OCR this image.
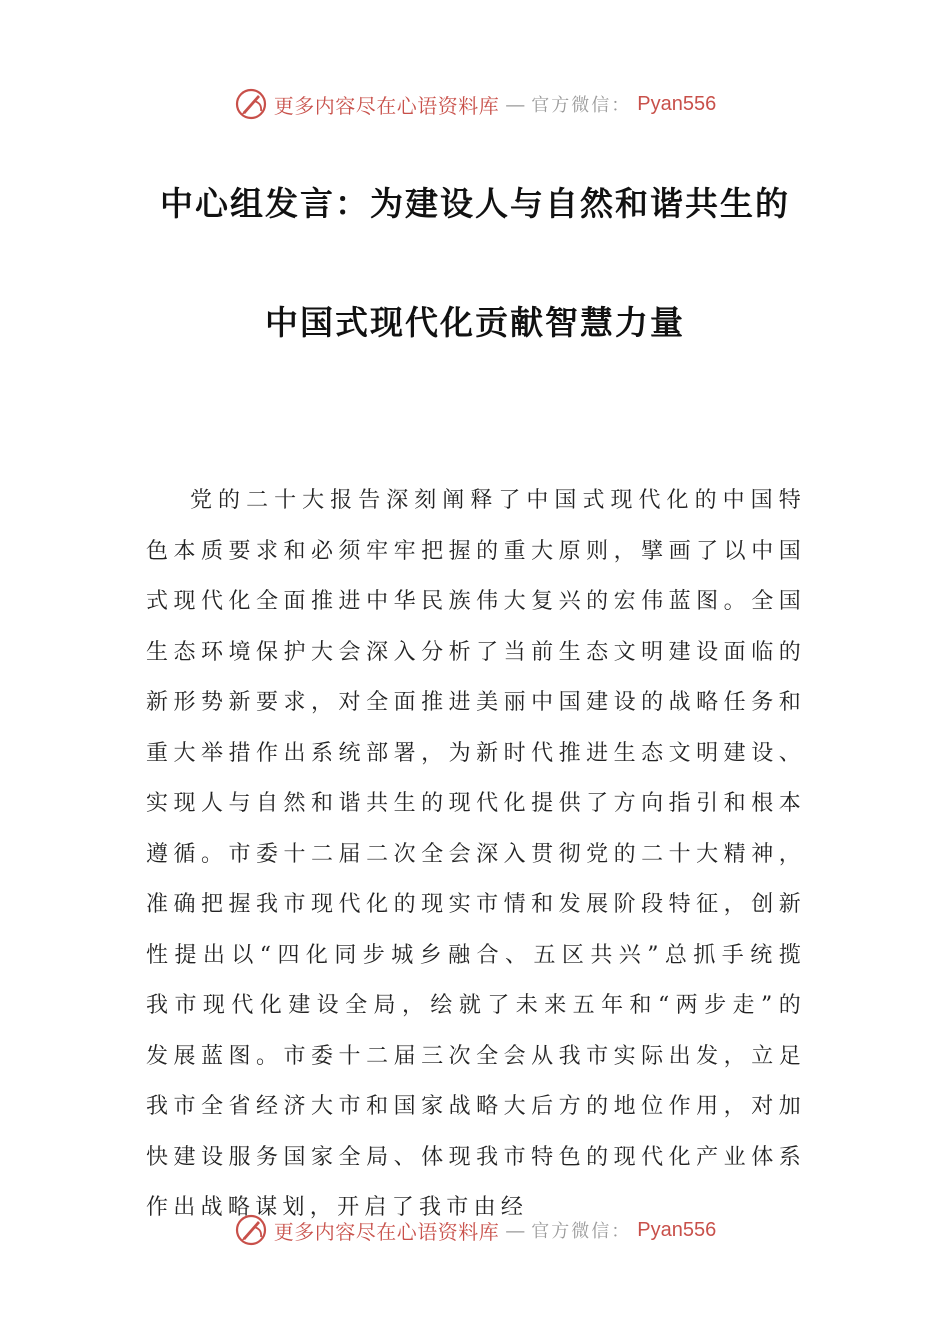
更多内容尽在心语资料库 — 官方微信： Pyan556
中心组发言：为建设人与自然和谐共生的
中国式现代化贡献智慧力量

党的二十大报告深刻阐释了中国式现代化的中国特色本质要求和必须牢牢把握的重大原则，擘画了以中国式现代化全面推进中华民族伟大复兴的宏伟蓝图。全国生态环境保护大会深入分析了当前生态文明建设面临的新形势新要求，对全面推进美丽中国建设的战略任务和重大举措作出系统部署，为新时代推进生态文明建设、实现人与自然和谐共生的现代化提供了方向指引和根本遵循。市委十二届二次全会深入贯彻党的二十大精神，准确把握我市现代化的现实市情和发展阶段特征，创新性提出以“四化同步城乡融合、五区共兴”总抓手统揽我市现代化建设全局，绘就了未来五年和“两步走”的发展蓝图。市委十二届三次全会从我市实际出发，立足我市全省经济大市和国家战略大后方的地位作用，对加快建设服务国家全局、体现我市特色的现代化产业体系作出战略谋划，开启了我市由经

更多内容尽在心语资料库 — 官方微信： Pyan556
